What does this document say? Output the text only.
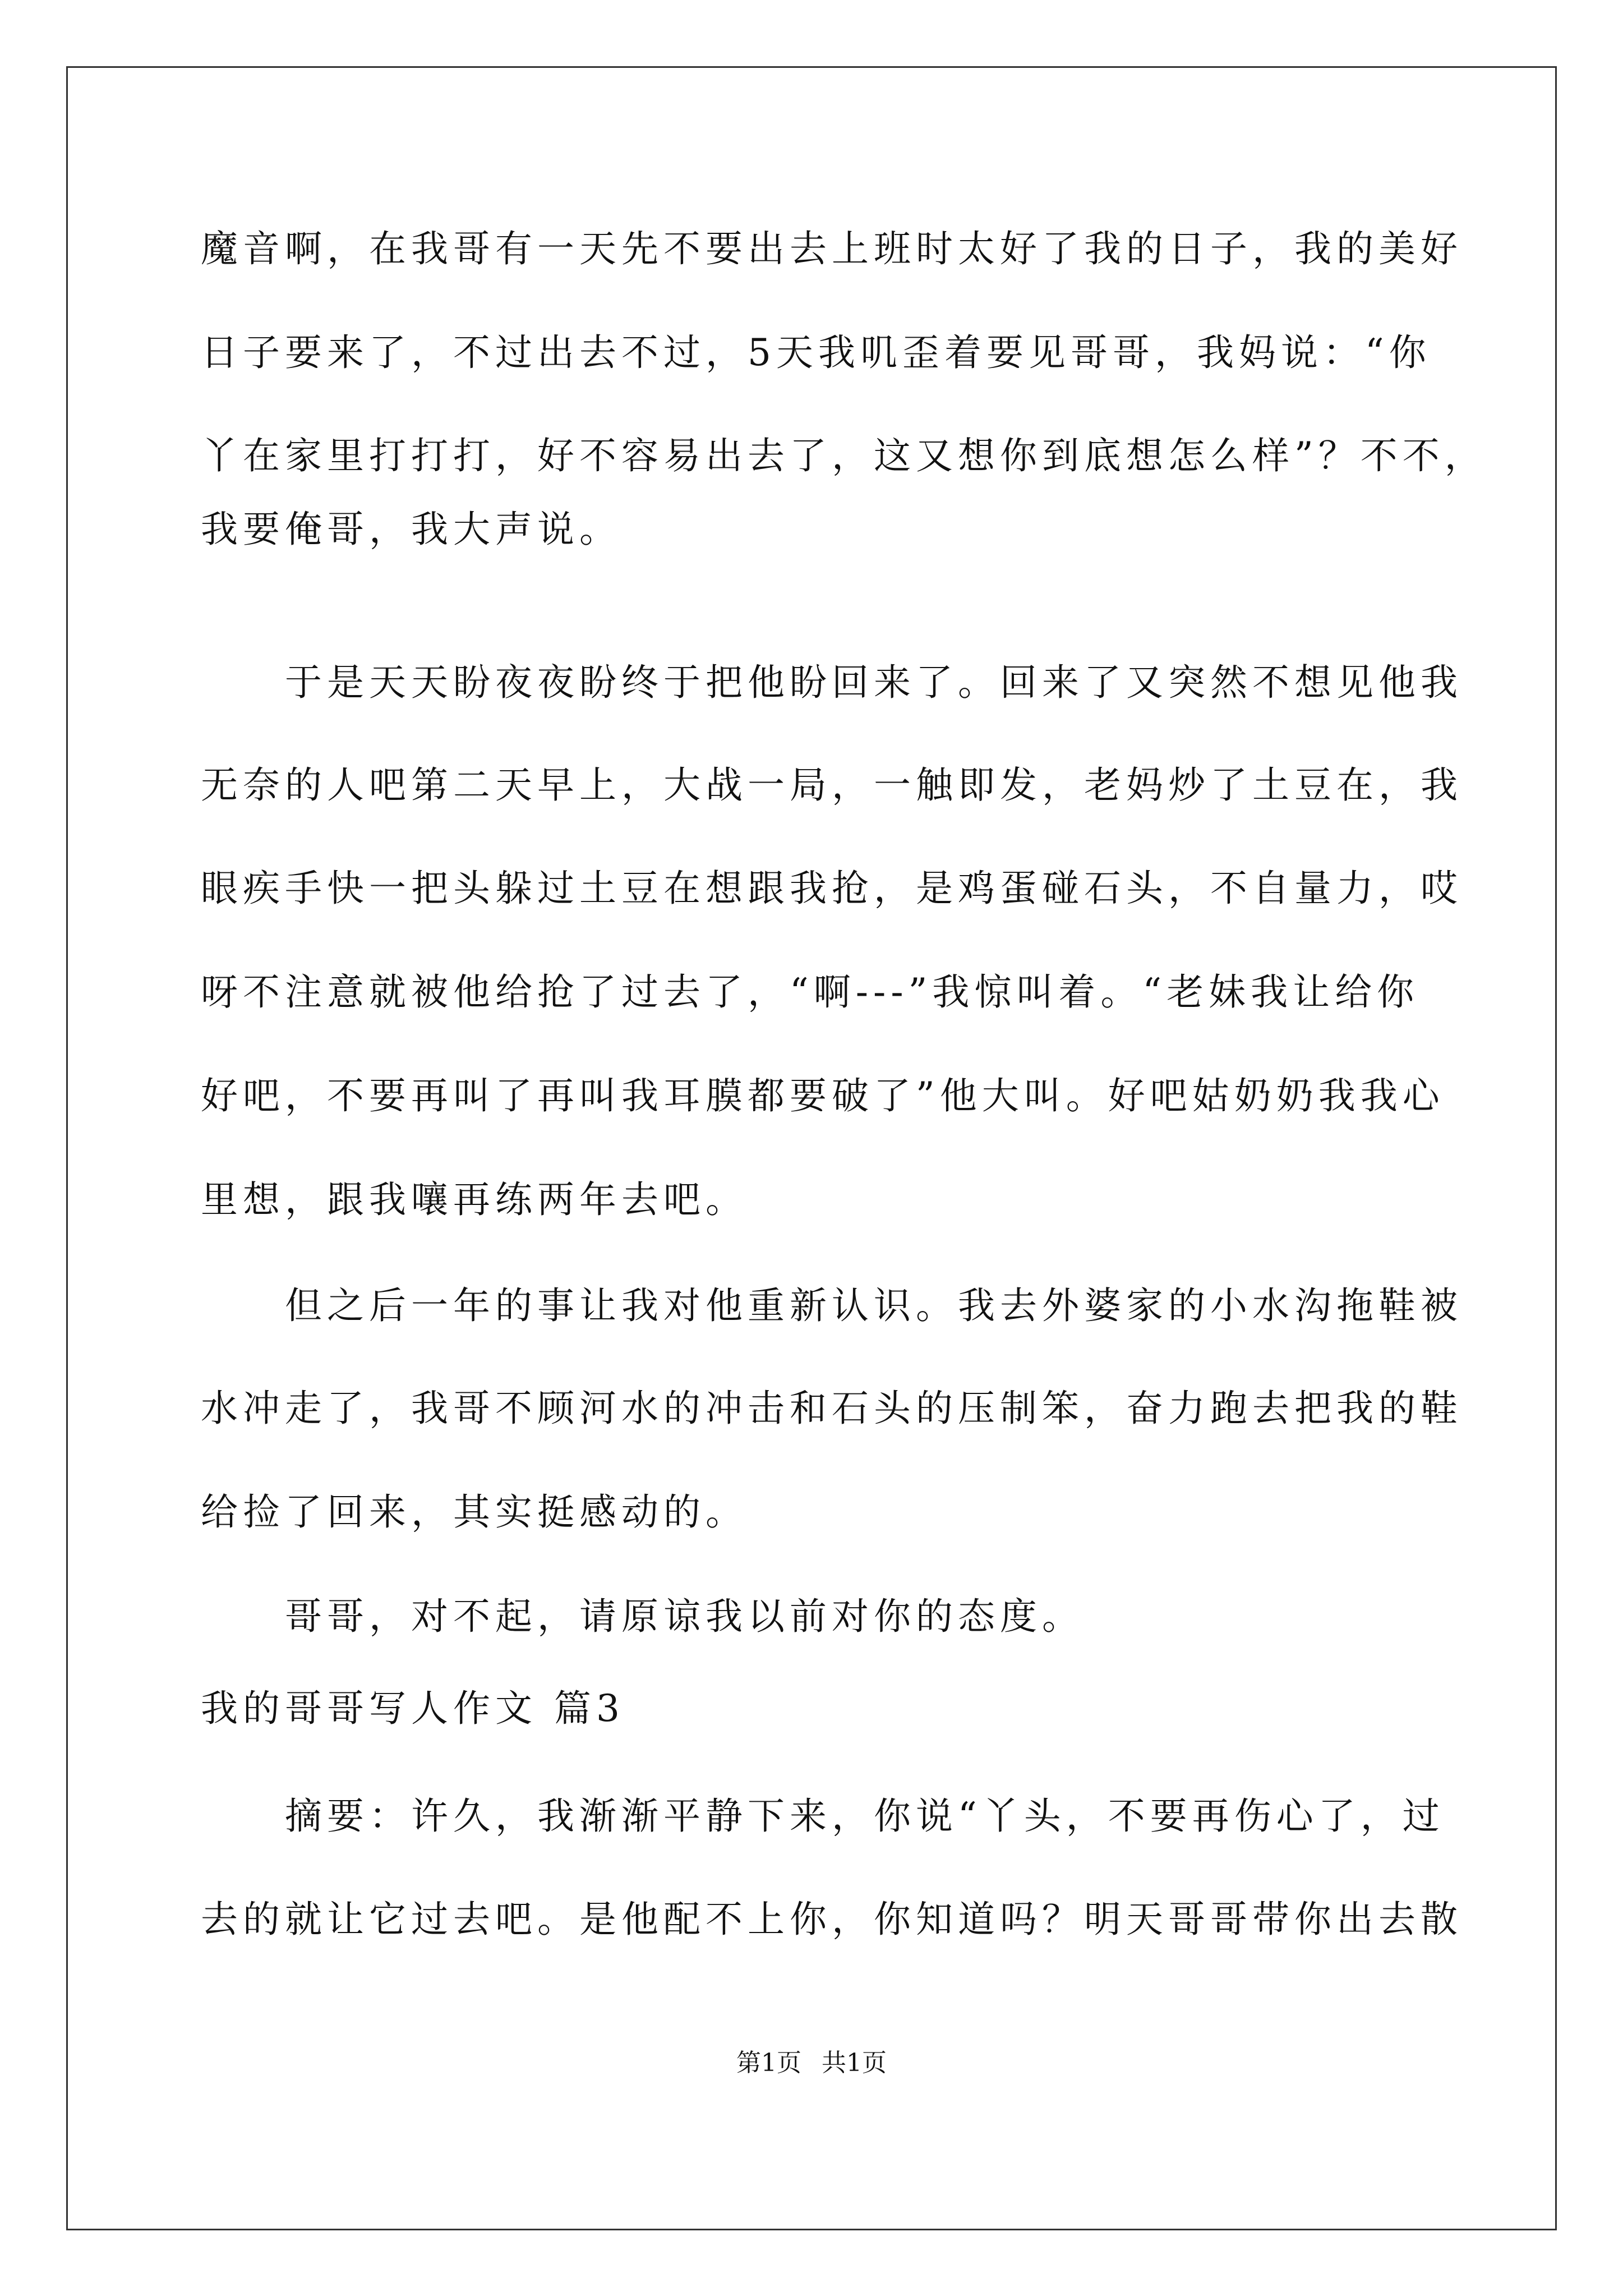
魔音啊，在我哥有一天先不要出去上班时太好了我的日子，我的美好
日子要来了，不过出去不过，5天我叽歪着要见哥哥，我妈说：“你
丫在家里打打打，好不容易出去了，这又想你到底想怎么样”？不不，
我要俺哥，我大声说。
　　于是天天盼夜夜盼终于把他盼回来了。回来了又突然不想见他我
无奈的人吧第二天早上，大战一局，一触即发，老妈炒了土豆在，我
眼疾手快一把头躲过土豆在想跟我抢，是鸡蛋碰石头，不自量力，哎
呀不注意就被他给抢了过去了，“啊---”我惊叫着。“老妹我让给你
好吧，不要再叫了再叫我耳膜都要破了”他大叫。好吧姑奶奶我我心
里想，跟我嚷再练两年去吧。
　　但之后一年的事让我对他重新认识。我去外婆家的小水沟拖鞋被
水冲走了，我哥不顾河水的冲击和石头的压制笨，奋力跑去把我的鞋
给捡了回来，其实挺感动的。
　　哥哥，对不起，请原谅我以前对你的态度。
我的哥哥写人作文 篇3
　　摘要：许久，我渐渐平静下来，你说“丫头，不要再伤心了，过
去的就让它过去吧。是他配不上你，你知道吗？明天哥哥带你出去散
第1页 共1页
